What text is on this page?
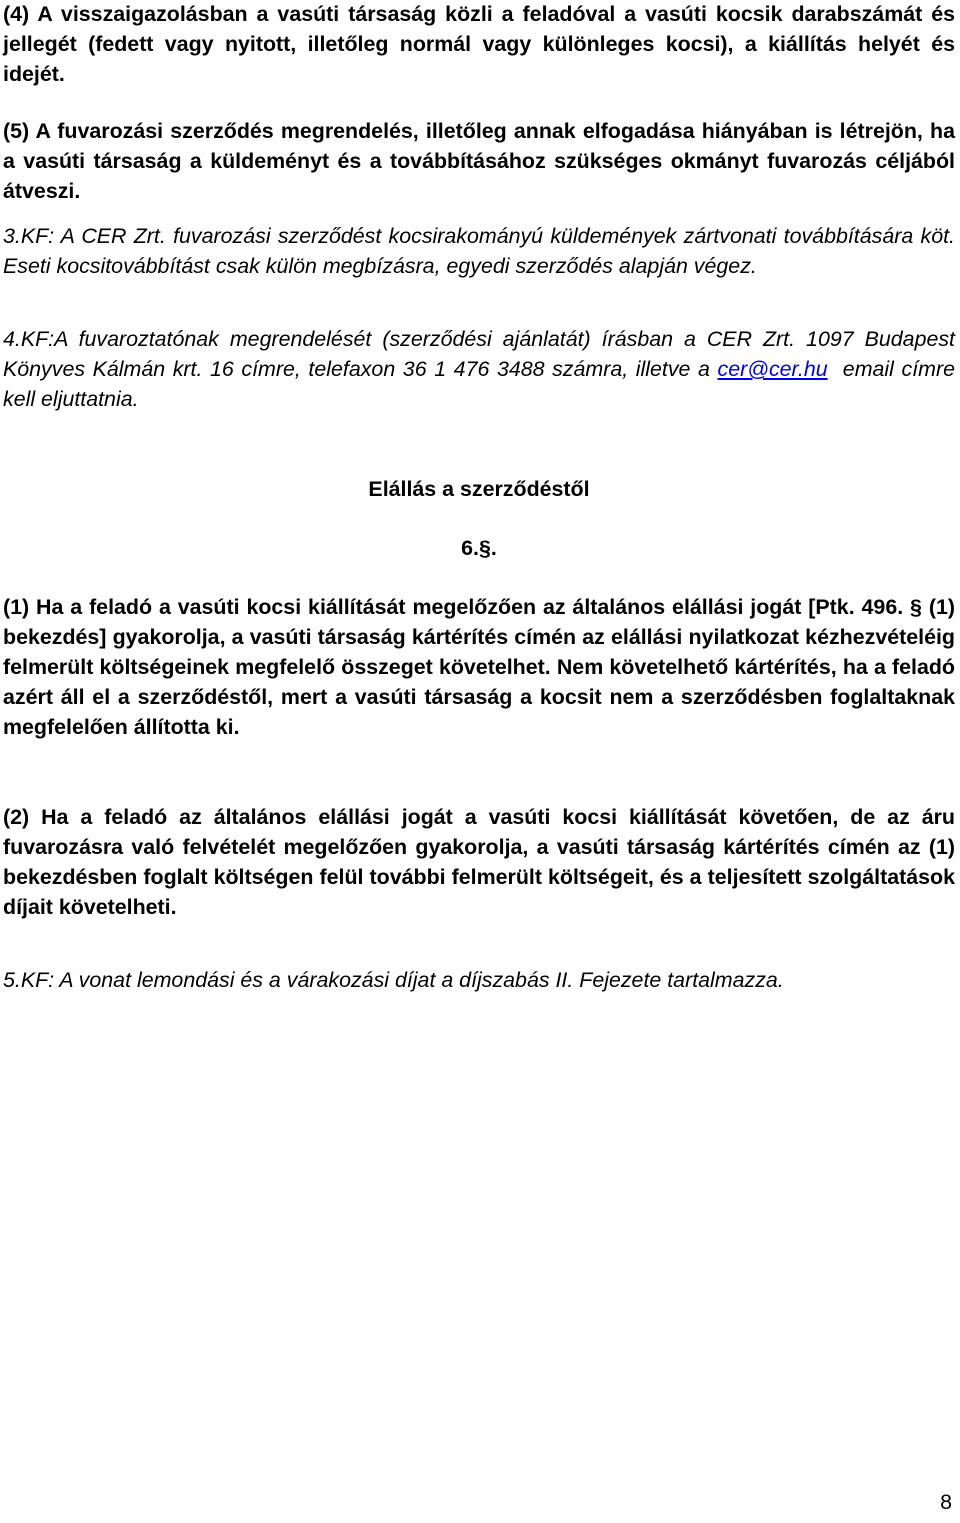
(4) A visszaigazolásban a vasúti társaság közli a feladóval a vasúti kocsik darabszámát és jellegét (fedett vagy nyitott, illetőleg normál vagy különleges kocsi), a kiállítás helyét és idejét.

(5) A fuvarozási szerződés megrendelés, illetőleg annak elfogadása hiányában is létrejön, ha a vasúti társaság a küldeményt és a továbbításához szükséges okmányt fuvarozás céljából átveszi.

3.KF: A CER Zrt. fuvarozási szerződést kocsirakományú küldemények zártvonati továbbítására köt. Eseti kocsitovábbítást csak külön megbízásra, egyedi szerződés alapján végez.

4.KF:A fuvaroztatónak megrendelését (szerződési ajánlatát) írásban a CER Zrt. 1097 Budapest Könyves Kálmán krt. 16 címre, telefaxon 36 1 476 3488 számra, illetve a cer@cer.hu email címre kell eljuttatnia.

Elállás a szerződéstől

6.§.

(1) Ha a feladó a vasúti kocsi kiállítását megelőzően az általános elállási jogát [Ptk. 496. § (1) bekezdés] gyakorolja, a vasúti társaság kártérítés címén az elállási nyilatkozat kézhezvételéig felmerült költségeinek megfelelő összeget követelhet. Nem követelhető kártérítés, ha a feladó azért áll el a szerződéstől, mert a vasúti társaság a kocsit nem a szerződésben foglaltaknak megfelelően állította ki.

(2) Ha a feladó az általános elállási jogát a vasúti kocsi kiállítását követően, de az áru fuvarozásra való felvételét megelőzően gyakorolja, a vasúti társaság kártérítés címén az (1) bekezdésben foglalt költségen felül további felmerült költségeit, és a teljesített szolgáltatások díjait követelheti.

5.KF: A vonat lemondási és a várakozási díjat a díjszabás II. Fejezete tartalmazza.

8
